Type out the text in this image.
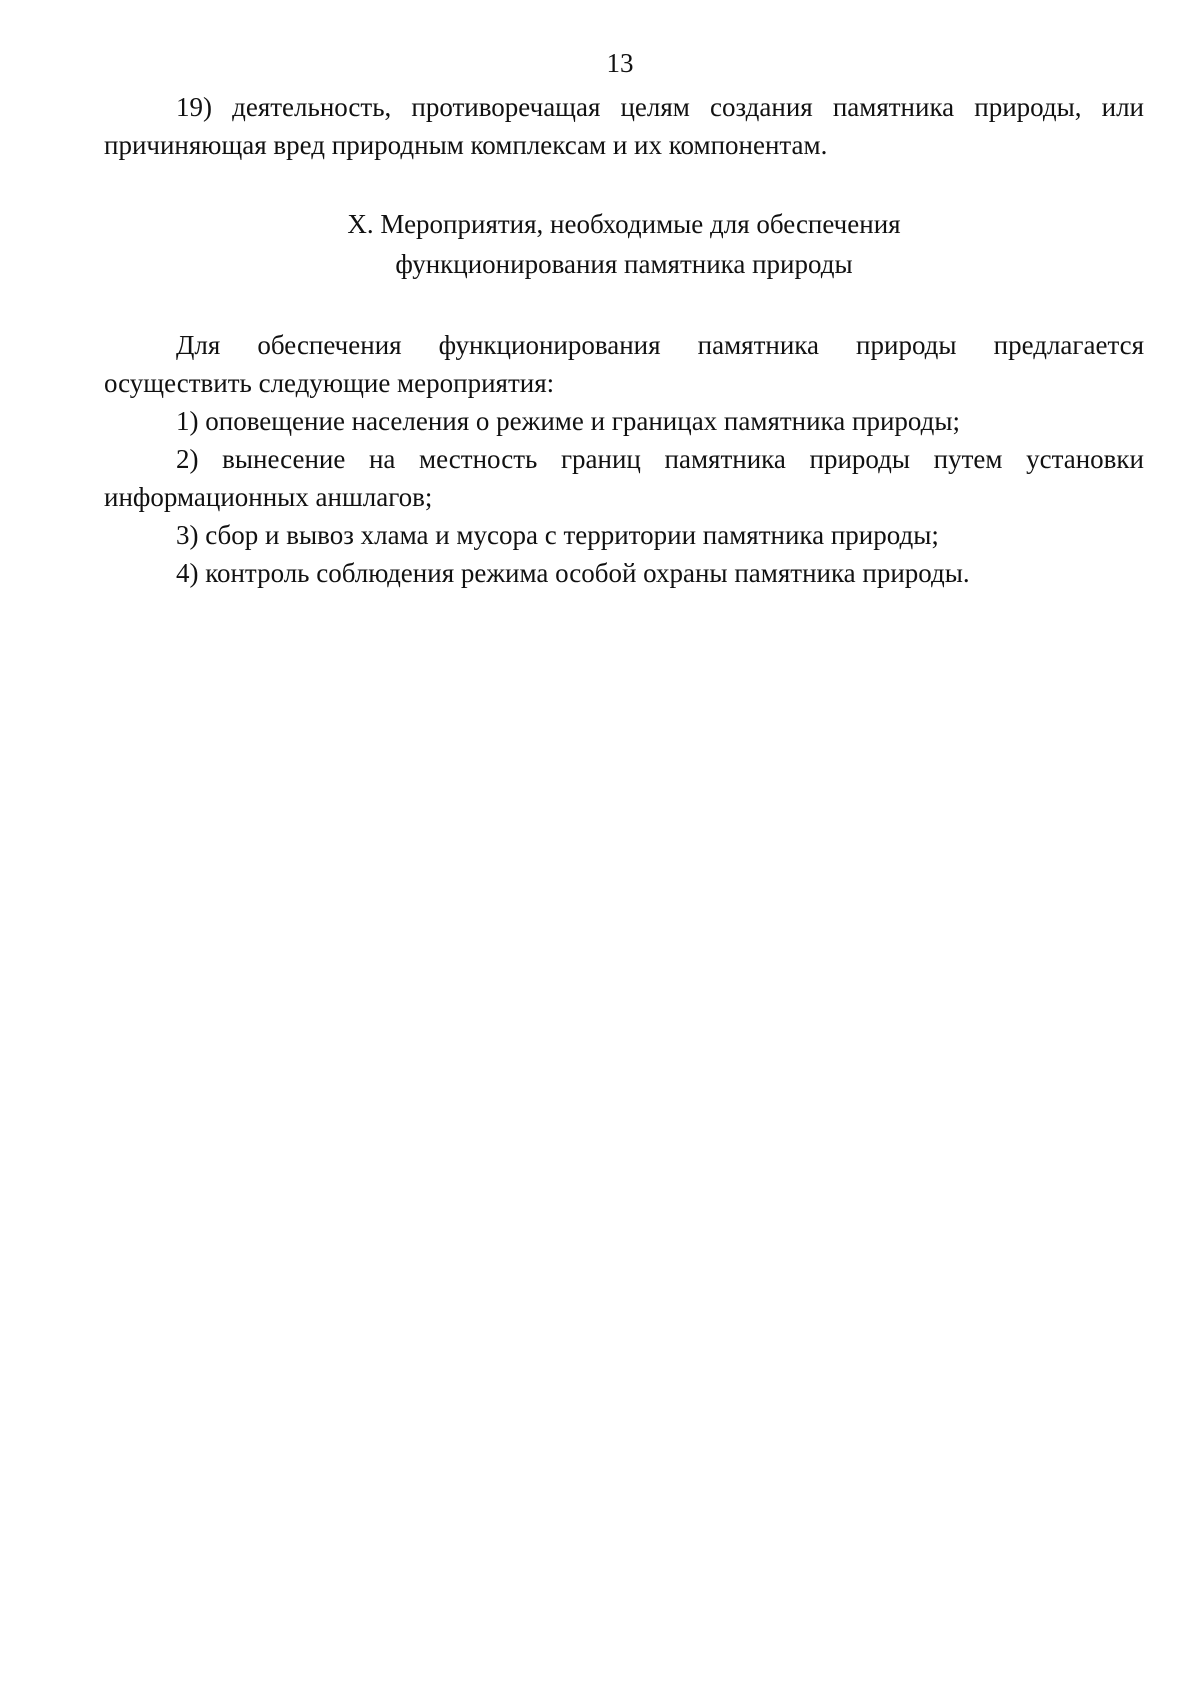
13

19) деятельность, противоречащая целям создания памятника природы, или причиняющая вред природным комплексам и их компонентам.

X. Мероприятия, необходимые для обеспечения
функционирования памятника природы

Для обеспечения функционирования памятника природы предлагается осуществить следующие мероприятия:

1) оповещение населения о режиме и границах памятника природы;

2) вынесение на местность границ памятника природы путем установки информационных аншлагов;

3) сбор и вывоз хлама и мусора с территории памятника природы;

4) контроль соблюдения режима особой охраны памятника природы.
